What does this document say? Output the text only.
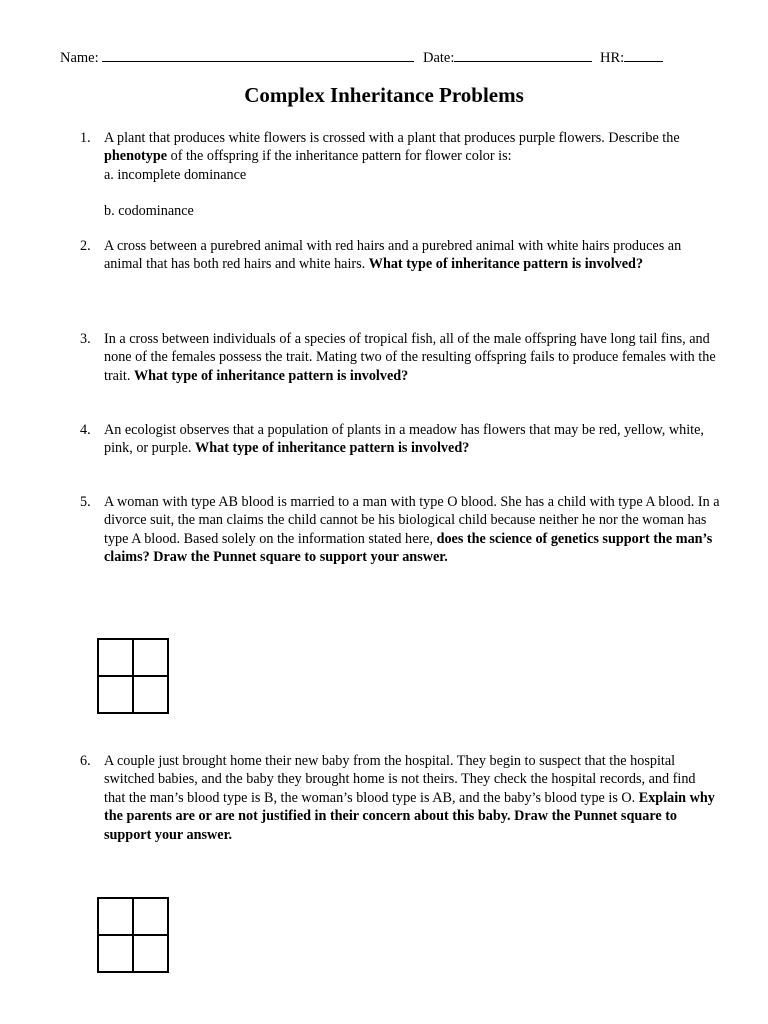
Name:	Date:	HR:
Complex Inheritance Problems
1. A plant that produces white flowers is crossed with a plant that produces purple flowers. Describe the phenotype of the offspring if the inheritance pattern for flower color is:

a. incomplete dominance

b. codominance

2. A cross between a purebred animal with red hairs and a purebred animal with white hairs produces an animal that has both red hairs and white hairs. What type of inheritance pattern is involved?

3. In a cross between individuals of a species of tropical fish, all of the male offspring have long tail fins, and none of the females possess the trait. Mating two of the resulting offspring fails to produce females with the trait. What type of inheritance pattern is involved?

4. An ecologist observes that a population of plants in a meadow has flowers that may be red, yellow, white, pink, or purple. What type of inheritance pattern is involved?

5. A woman with type AB blood is married to a man with type O blood. She has a child with type A blood. In a divorce suit, the man claims the child cannot be his biological child because neither he nor the woman has type A blood. Based solely on the information stated here, does the science of genetics support the man’s claims? Draw the Punnet square to support your answer.

6. A couple just brought home their new baby from the hospital. They begin to suspect that the hospital switched babies, and the baby they brought home is not theirs. They check the hospital records, and find that the man’s blood type is B, the woman’s blood type is AB, and the baby’s blood type is O. Explain why the parents are or are not justified in their concern about this baby. Draw the Punnet square to support your answer.
